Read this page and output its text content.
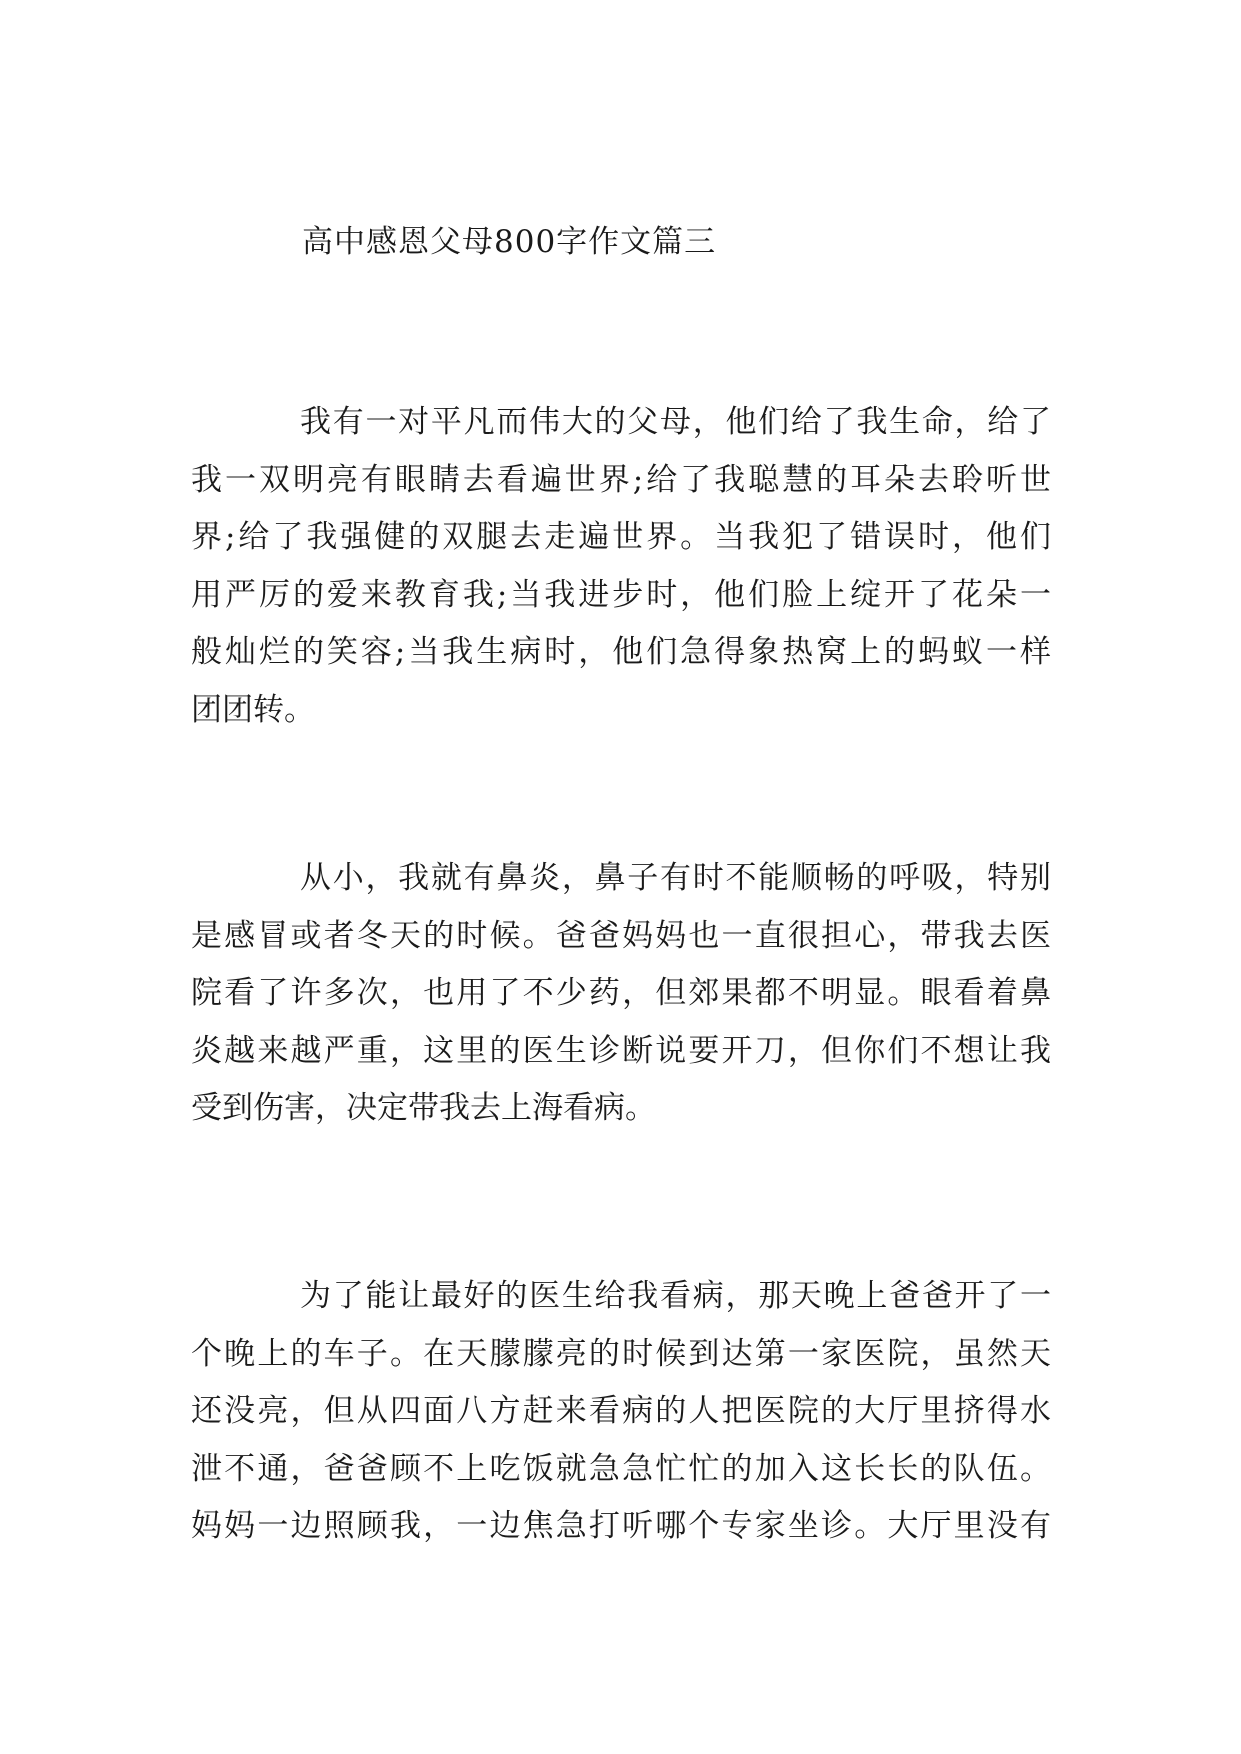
高中感恩父母800字作文篇三
我有一对平凡而伟大的父母，他们给了我生命，给了
我一双明亮有眼睛去看遍世界;给了我聪慧的耳朵去聆听世
界;给了我强健的双腿去走遍世界。当我犯了错误时，他们
用严厉的爱来教育我;当我进步时，他们脸上绽开了花朵一
般灿烂的笑容;当我生病时，他们急得象热窝上的蚂蚁一样
团团转。
从小，我就有鼻炎，鼻子有时不能顺畅的呼吸，特别
是感冒或者冬天的时候。爸爸妈妈也一直很担心，带我去医
院看了许多次，也用了不少药，但郊果都不明显。眼看着鼻
炎越来越严重，这里的医生诊断说要开刀，但你们不想让我
受到伤害，决定带我去上海看病。
为了能让最好的医生给我看病，那天晚上爸爸开了一
个晚上的车子。在天朦朦亮的时候到达第一家医院，虽然天
还没亮，但从四面八方赶来看病的人把医院的大厅里挤得水
泄不通，爸爸顾不上吃饭就急急忙忙的加入这长长的队伍。
妈妈一边照顾我，一边焦急打听哪个专家坐诊。大厅里没有
